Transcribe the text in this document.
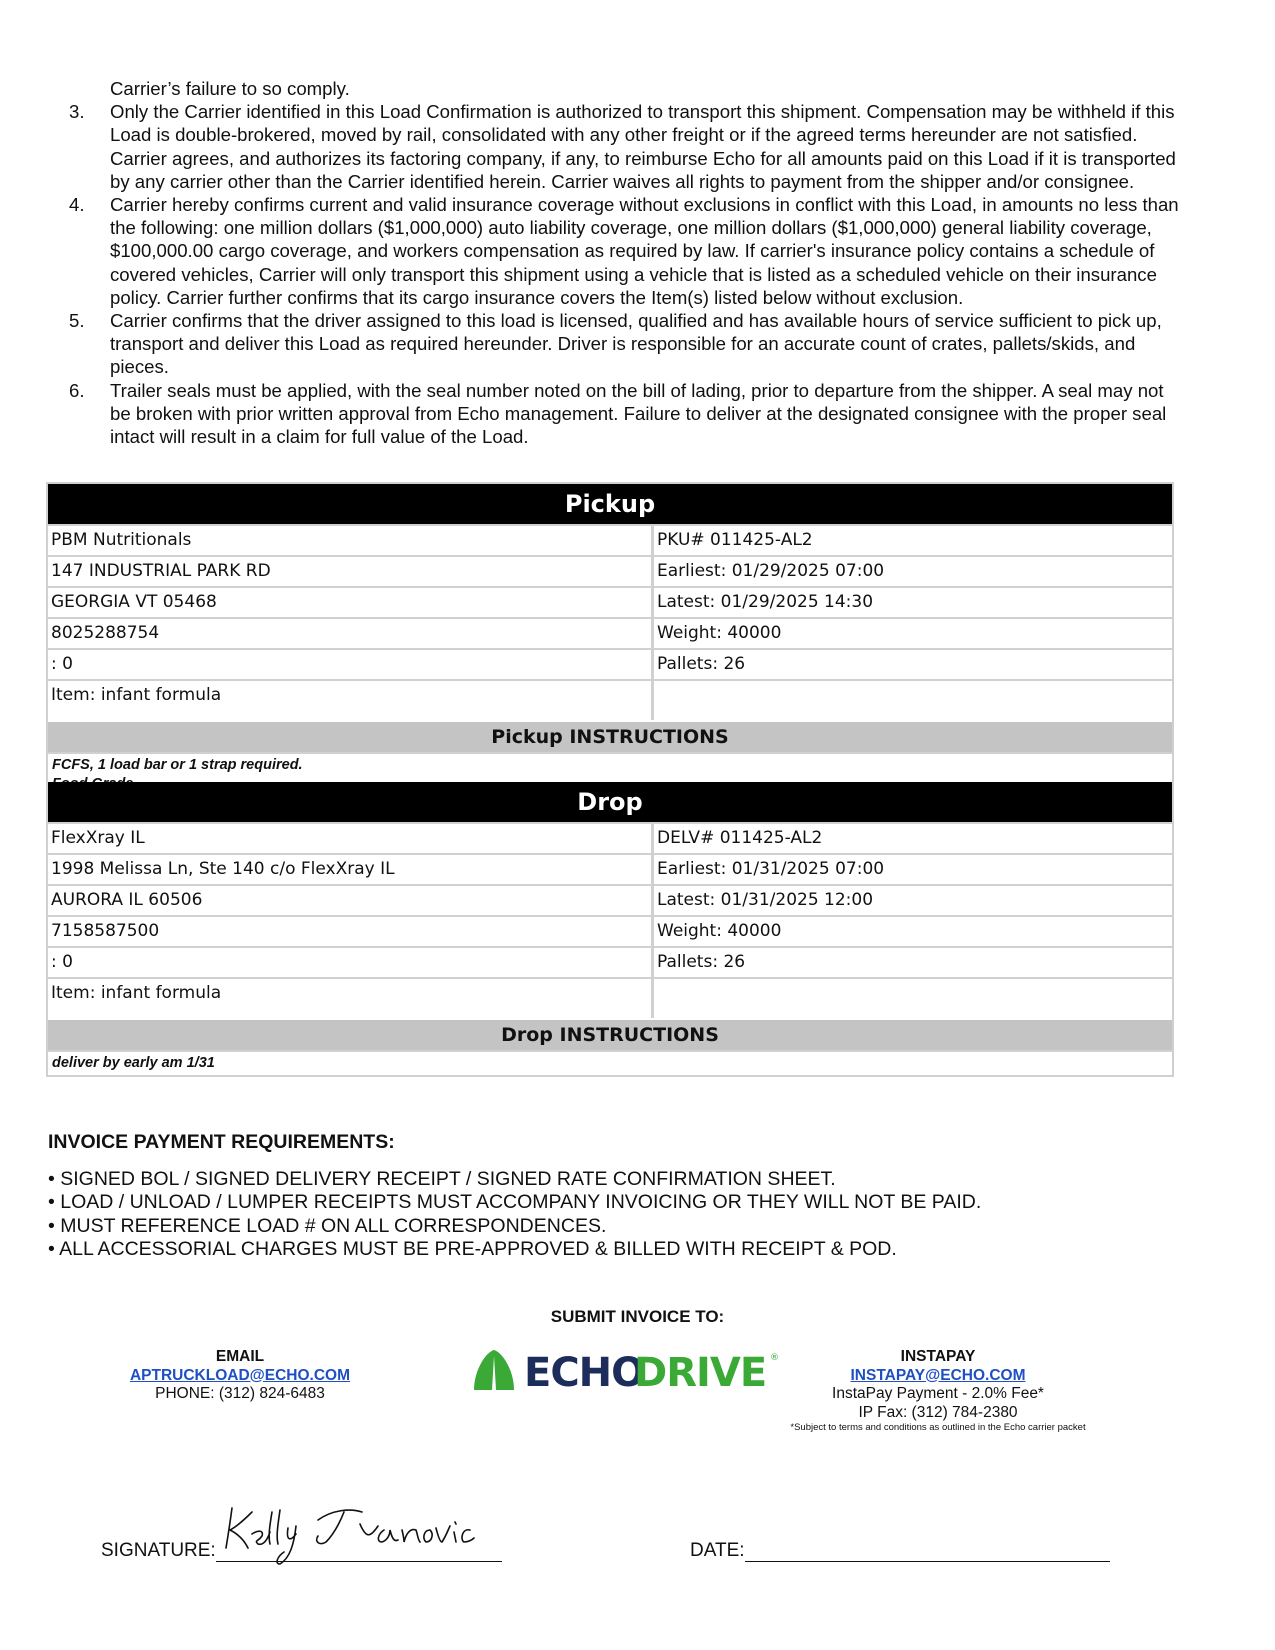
Carrier’s failure to so comply.
3.	Only the Carrier identified in this Load Confirmation is authorized to transport this shipment. Compensation may be withheld if this Load is double-brokered, moved by rail, consolidated with any other freight or if the agreed terms hereunder are not satisfied. Carrier agrees, and authorizes its factoring company, if any, to reimburse Echo for all amounts paid on this Load if it is transported by any carrier other than the Carrier identified herein. Carrier waives all rights to payment from the shipper and/or consignee.
4.	Carrier hereby confirms current and valid insurance coverage without exclusions in conflict with this Load, in amounts no less than the following: one million dollars ($1,000,000) auto liability coverage, one million dollars ($1,000,000) general liability coverage, $100,000.00 cargo coverage, and workers compensation as required by law. If carrier's insurance policy contains a schedule of covered vehicles, Carrier will only transport this shipment using a vehicle that is listed as a scheduled vehicle on their insurance policy. Carrier further confirms that its cargo insurance covers the Item(s) listed below without exclusion.
5.	Carrier confirms that the driver assigned to this load is licensed, qualified and has available hours of service sufficient to pick up, transport and deliver this Load as required hereunder. Driver is responsible for an accurate count of crates, pallets/skids, and pieces.
6.	Trailer seals must be applied, with the seal number noted on the bill of lading, prior to departure from the shipper. A seal may not be broken with prior written approval from Echo management. Failure to deliver at the designated consignee with the proper seal intact will result in a claim for full value of the Load.
Pickup
PBM Nutritionals	PKU# 011425-AL2
147 INDUSTRIAL PARK RD	Earliest: 01/29/2025 07:00
GEORGIA VT 05468	Latest: 01/29/2025 14:30
8025288754	Weight: 40000
: 0	Pallets: 26
Item: infant formula
Pickup INSTRUCTIONS
FCFS, 1 load bar or 1 strap required.
Drop
FlexXray IL	DELV# 011425-AL2
1998 Melissa Ln, Ste 140 c/o FlexXray IL	Earliest: 01/31/2025 07:00
AURORA IL 60506	Latest: 01/31/2025 12:00
7158587500	Weight: 40000
: 0	Pallets: 26
Item: infant formula
Drop INSTRUCTIONS
deliver by early am 1/31
INVOICE PAYMENT REQUIREMENTS:
• SIGNED BOL / SIGNED DELIVERY RECEIPT / SIGNED RATE CONFIRMATION SHEET.
• LOAD / UNLOAD / LUMPER RECEIPTS MUST ACCOMPANY INVOICING OR THEY WILL NOT BE PAID.
• MUST REFERENCE LOAD # ON ALL CORRESPONDENCES.
• ALL ACCESSORIAL CHARGES MUST BE PRE-APPROVED & BILLED WITH RECEIPT & POD.
SUBMIT INVOICE TO:
EMAIL
APTRUCKLOAD@ECHO.COM
PHONE: (312) 824-6483	ECHO
DRIVE ®	INSTAPAY
INSTAPAY@ECHO.COM
InstaPay Payment - 2.0% Fee*
IP Fax: (312) 784-2380
*Subject to terms and conditions as outlined in the Echo carrier packet
SIGNATURE:	DATE:
